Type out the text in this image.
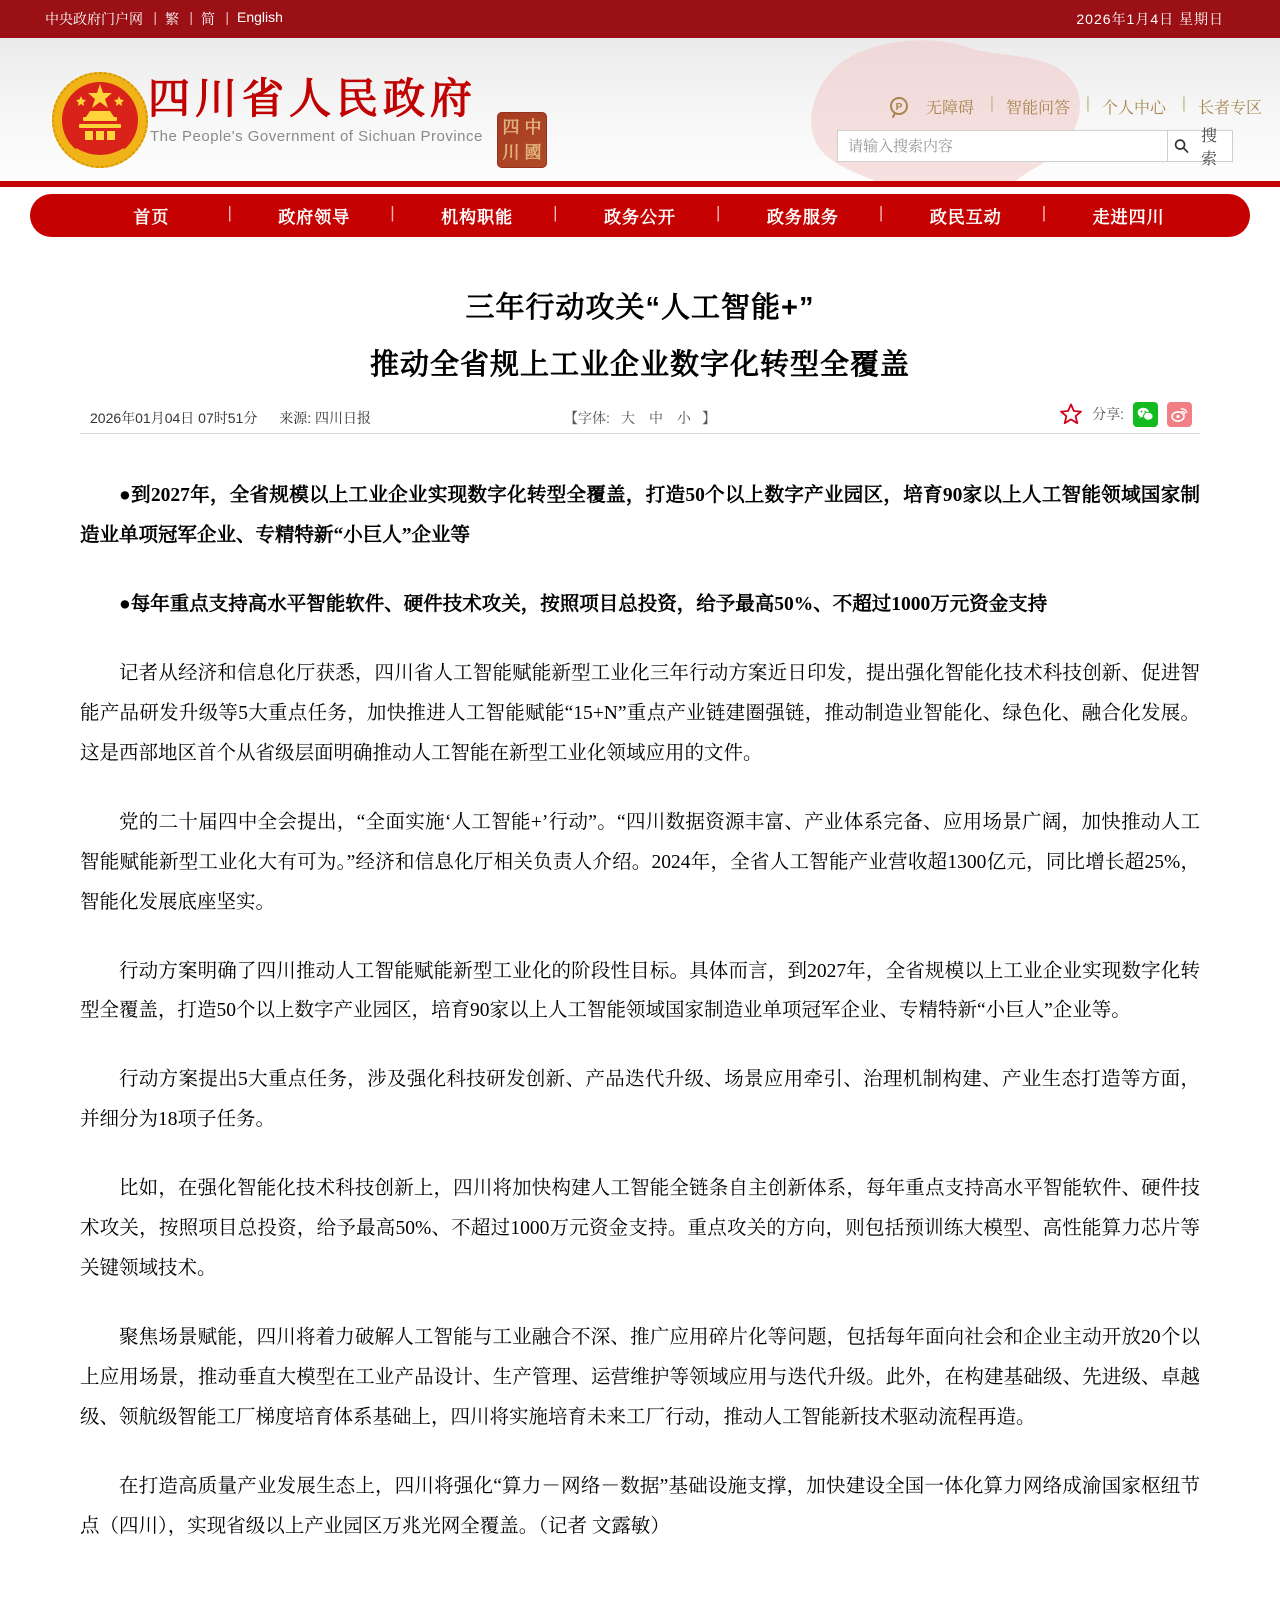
中央政府门户网 |	繁 |	简 |	English	2026年1月4日 星期日
四川省人民政府
The People's Government of Sichuan Province 四 中
川 國
P	无障碍 |	智能问答 |	个人中心 |	长者专区
请输入搜索内容
搜 索
首页 |	政府领导 |	机构职能 |	政务公开 |	政务服务 |	政民互动 |	走进四川
三年行动攻关“人工智能+”
推动全省规上工业企业数字化转型全覆盖
2026年01月04日 07时51分 来源: 四川日报	【字体: 大	中	小 】	分享:

●到2027年，全省规模以上工业企业实现数字化转型全覆盖，打造50个以上数字产业园区，培育90家以上人工智能领域国家制造业单项冠军企业、专精特新“小巨人”企业等

●每年重点支持高水平智能软件、硬件技术攻关，按照项目总投资，给予最高50%、不超过1000万元资金支持

记者从经济和信息化厅获悉，四川省人工智能赋能新型工业化三年行动方案近日印发，提出强化智能化技术科技创新、促进智能产品研发升级等5大重点任务，加快推进人工智能赋能“15+N”重点产业链建圈强链，推动制造业智能化、绿色化、融合化发展。这是西部地区首个从省级层面明确推动人工智能在新型工业化领域应用的文件。

党的二十届四中全会提出，“全面实施‘人工智能+’行动”。“四川数据资源丰富、产业体系完备、应用场景广阔，加快推动人工智能赋能新型工业化大有可为。”经济和信息化厅相关负责人介绍。2024年，全省人工智能产业营收超1300亿元，同比增长超25%，智能化发展底座坚实。

行动方案明确了四川推动人工智能赋能新型工业化的阶段性目标。具体而言，到2027年，全省规模以上工业企业实现数字化转型全覆盖，打造50个以上数字产业园区，培育90家以上人工智能领域国家制造业单项冠军企业、专精特新“小巨人”企业等。

行动方案提出5大重点任务，涉及强化科技研发创新、产品迭代升级、场景应用牵引、治理机制构建、产业生态打造等方面，并细分为18项子任务。

比如，在强化智能化技术科技创新上，四川将加快构建人工智能全链条自主创新体系，每年重点支持高水平智能软件、硬件技术攻关，按照项目总投资，给予最高50%、不超过1000万元资金支持。重点攻关的方向，则包括预训练大模型、高性能算力芯片等关键领域技术。

聚焦场景赋能，四川将着力破解人工智能与工业融合不深、推广应用碎片化等问题，包括每年面向社会和企业主动开放20个以上应用场景，推动垂直大模型在工业产品设计、生产管理、运营维护等领域应用与迭代升级。此外，在构建基础级、先进级、卓越级、领航级智能工厂梯度培育体系基础上，四川将实施培育未来工厂行动，推动人工智能新技术驱动流程再造。

在打造高质量产业发展生态上，四川将强化“算力－网络－数据”基础设施支撑，加快建设全国一体化算力网络成渝国家枢纽节点（四川），实现省级以上产业园区万兆光网全覆盖。（记者 文露敏）
